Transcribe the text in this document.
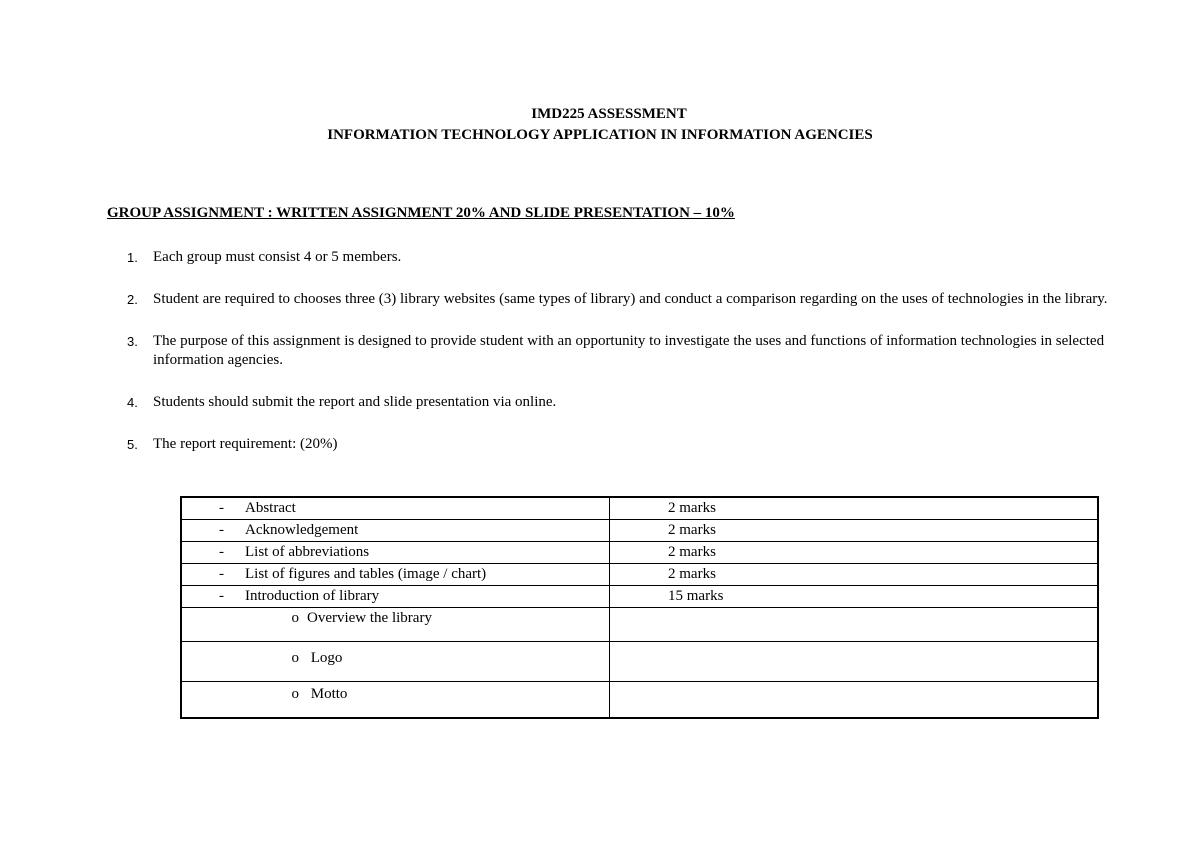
IMD225 ASSESSMENT
INFORMATION TECHNOLOGY APPLICATION IN INFORMATION AGENCIES
GROUP ASSIGNMENT : WRITTEN ASSIGNMENT 20% AND SLIDE PRESENTATION – 10%
1. Each group must consist 4 or 5 members.
2. Student are required to chooses three (3) library websites (same types of library) and conduct a comparison regarding on the uses of technologies in the library.
3. The purpose of this assignment is designed to provide student with an opportunity to investigate the uses and functions of information technologies in selected information agencies.
4. Students should submit the report and slide presentation via online.
5. The report requirement: (20%)
- Abstract	2 marks
- Acknowledgement	2 marks
- List of abbreviations	2 marks
- List of figures and tables (image / chart)	2 marks
- Introduction of library	15 marks
o Overview the library	
o Logo	
o Motto	
